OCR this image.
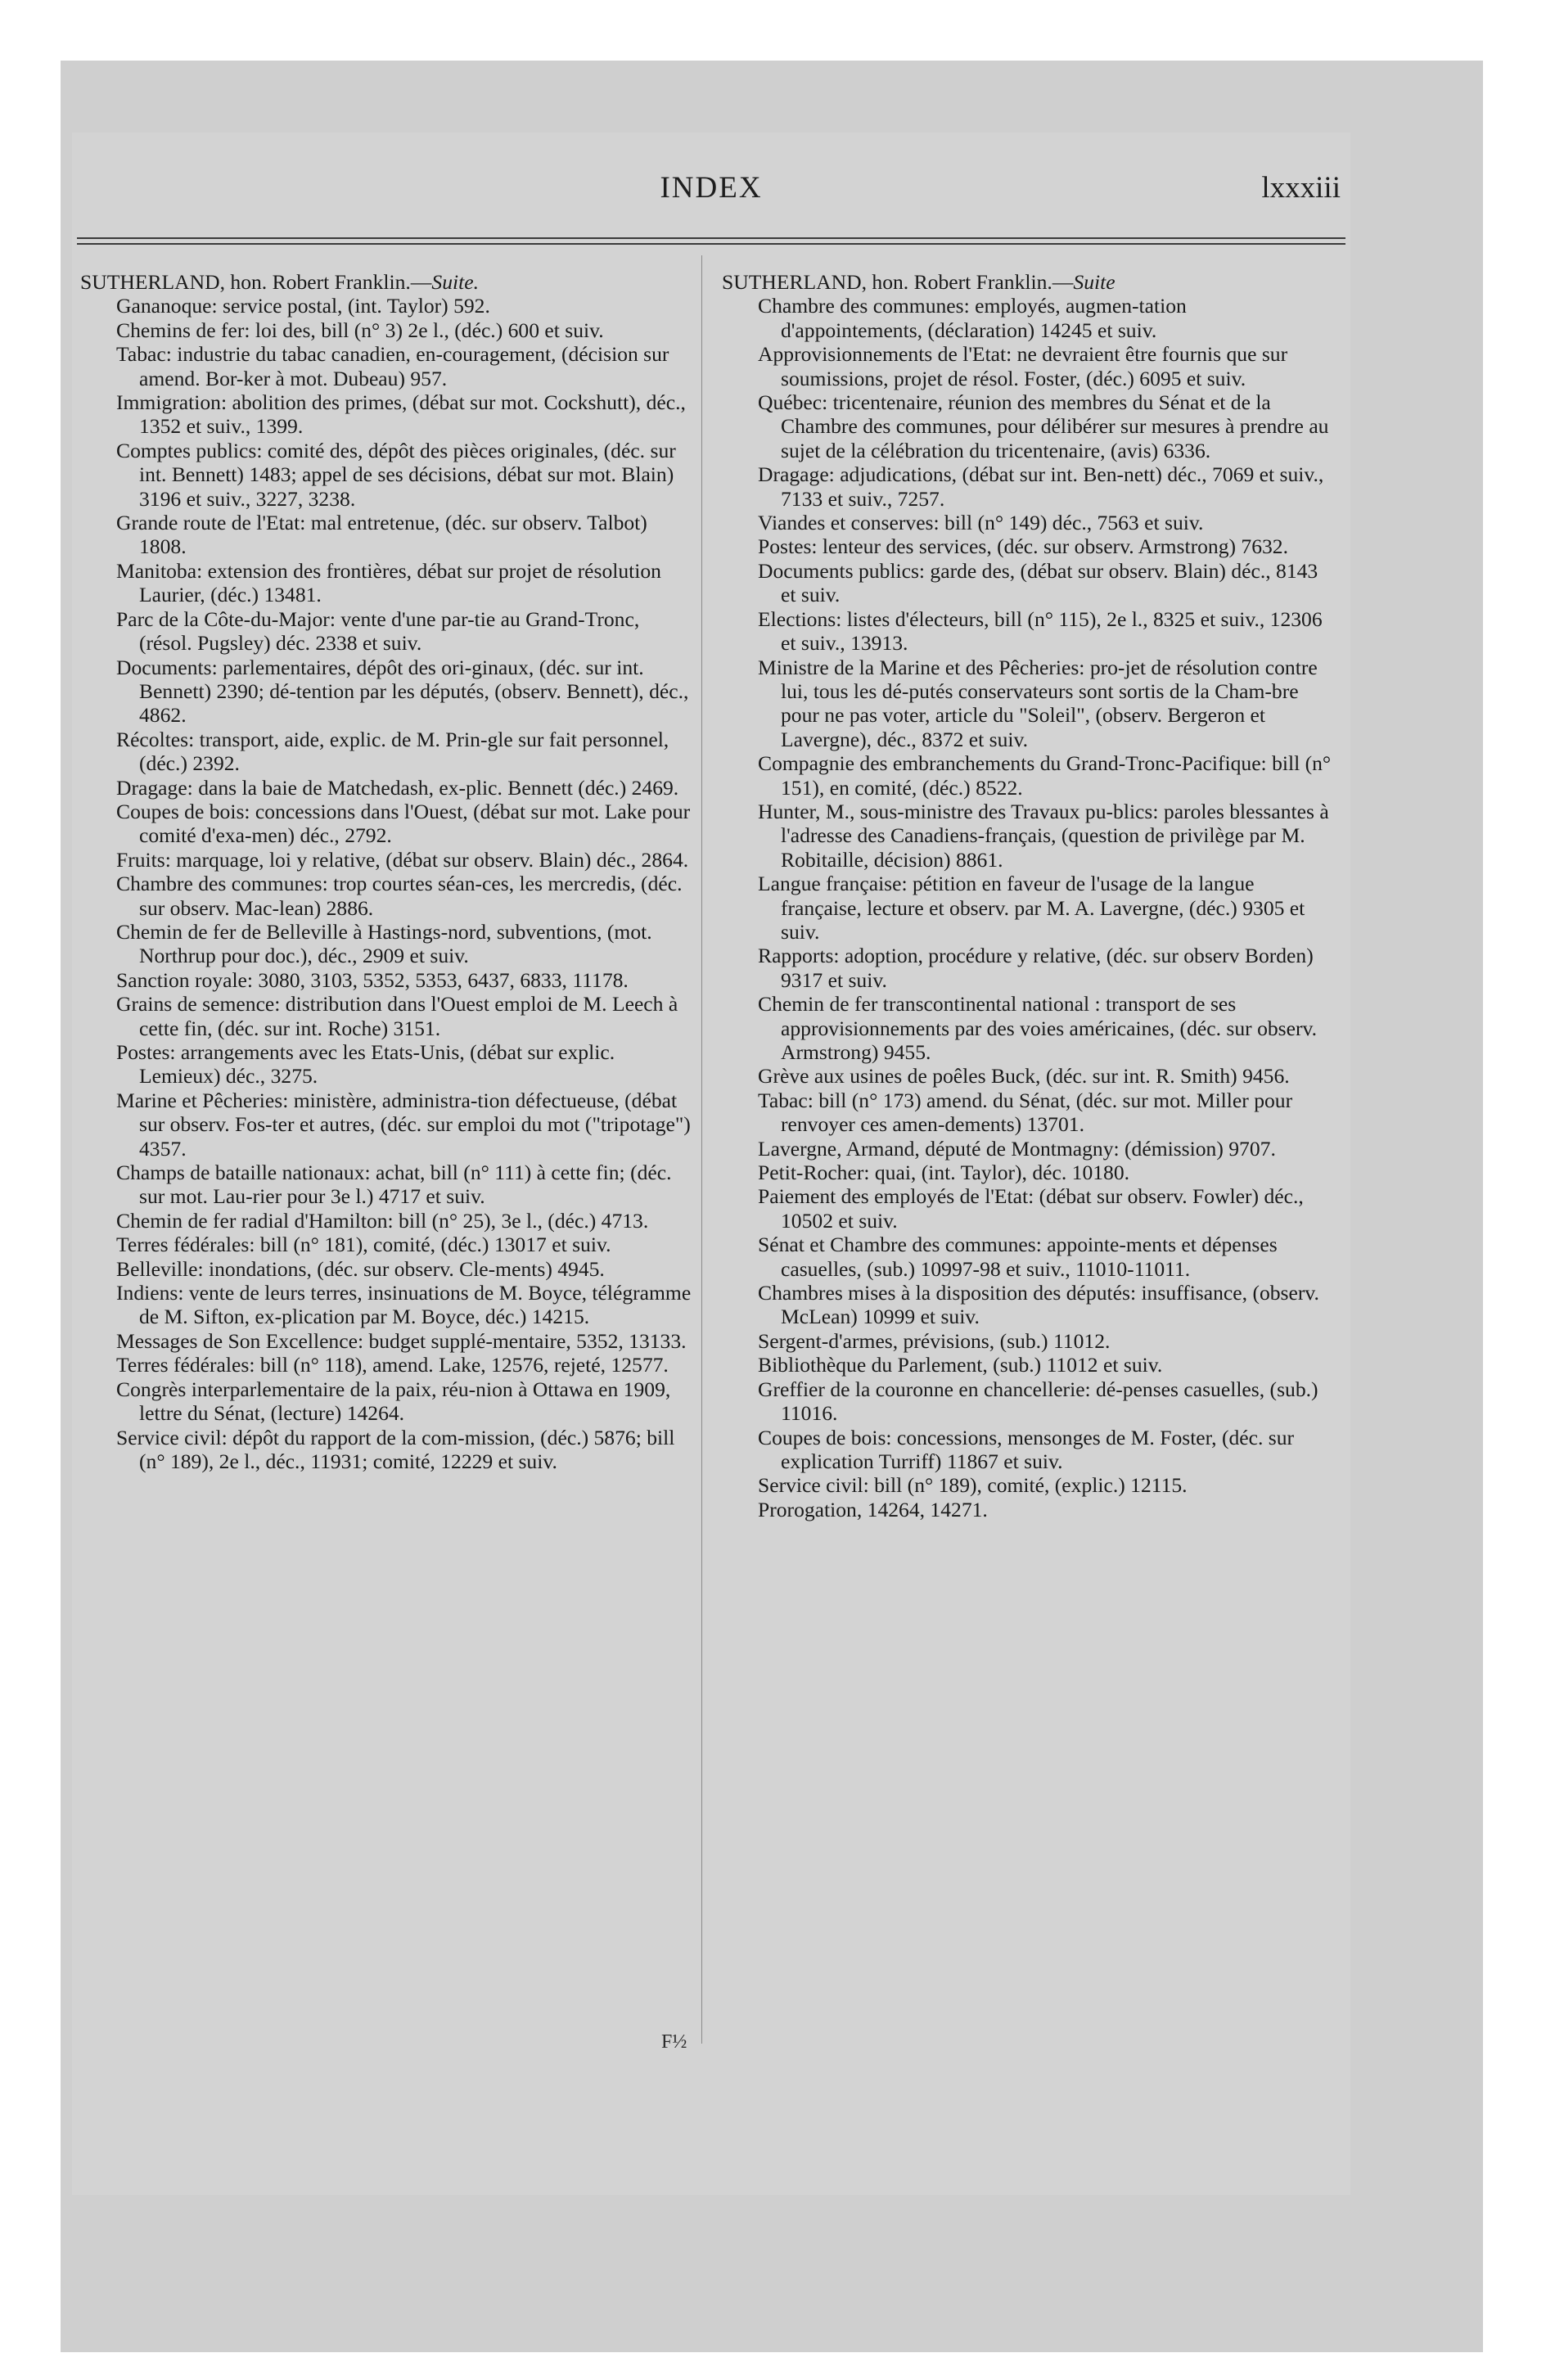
INDEX	lxxxiii
SUTHERLAND, hon. Robert Franklin.—Suite.
Gananoque: service postal, (int. Taylor) 592.
Chemins de fer: loi des, bill (n° 3) 2e l., (déc.) 600 et suiv.
Tabac: industrie du tabac canadien, en-couragement, (décision sur amend. Bor-ker à mot. Dubeau) 957.
Immigration: abolition des primes, (débat sur mot. Cockshutt), déc., 1352 et suiv., 1399.
Comptes publics: comité des, dépôt des pièces originales, (déc. sur int. Bennett) 1483; appel de ses décisions, débat sur mot. Blain) 3196 et suiv., 3227, 3238.
Grande route de l'Etat: mal entretenue, (déc. sur observ. Talbot) 1808.
Manitoba: extension des frontières, débat sur projet de résolution Laurier, (déc.) 13481.
Parc de la Côte-du-Major: vente d'une par-tie au Grand-Tronc, (résol. Pugsley) déc. 2338 et suiv.
Documents: parlementaires, dépôt des ori-ginaux, (déc. sur int. Bennett) 2390; dé-tention par les députés, (observ. Bennett), déc., 4862.
Récoltes: transport, aide, explic. de M. Prin-gle sur fait personnel, (déc.) 2392.
Dragage: dans la baie de Matchedash, ex-plic. Bennett (déc.) 2469.
Coupes de bois: concessions dans l'Ouest, (débat sur mot. Lake pour comité d'exa-men) déc., 2792.
Fruits: marquage, loi y relative, (débat sur observ. Blain) déc., 2864.
Chambre des communes: trop courtes séan-ces, les mercredis, (déc. sur observ. Mac-lean) 2886.
Chemin de fer de Belleville à Hastings-nord, subventions, (mot. Northrup pour doc.), déc., 2909 et suiv.
Sanction royale: 3080, 3103, 5352, 5353, 6437, 6833, 11178.
Grains de semence: distribution dans l'Ouest emploi de M. Leech à cette fin, (déc. sur int. Roche) 3151.
Postes: arrangements avec les Etats-Unis, (débat sur explic. Lemieux) déc., 3275.
Marine et Pêcheries: ministère, administra-tion défectueuse, (débat sur observ. Fos-ter et autres, (déc. sur emploi du mot ("tripotage") 4357.
Champs de bataille nationaux: achat, bill (n° 111) à cette fin; (déc. sur mot. Lau-rier pour 3e l.) 4717 et suiv.
Chemin de fer radial d'Hamilton: bill (n° 25), 3e l., (déc.) 4713.
Terres fédérales: bill (n° 181), comité, (déc.) 13017 et suiv.
Belleville: inondations, (déc. sur observ. Cle-ments) 4945.
Indiens: vente de leurs terres, insinuations de M. Boyce, télégramme de M. Sifton, ex-plication par M. Boyce, déc.) 14215.
Messages de Son Excellence: budget supplé-mentaire, 5352, 13133.
Terres fédérales: bill (n° 118), amend. Lake, 12576, rejeté, 12577.
Congrès interparlementaire de la paix, réu-nion à Ottawa en 1909, lettre du Sénat, (lecture) 14264.
Service civil: dépôt du rapport de la com-mission, (déc.) 5876; bill (n° 189), 2e l., déc., 11931; comité, 12229 et suiv.
SUTHERLAND, hon. Robert Franklin.—Suite
Chambre des communes: employés, augmen-tation d'appointements, (déclaration) 14245 et suiv.
Approvisionnements de l'Etat: ne devraient être fournis que sur soumissions, projet de résol. Foster, (déc.) 6095 et suiv.
Québec: tricentenaire, réunion des membres du Sénat et de la Chambre des communes, pour délibérer sur mesures à prendre au sujet de la célébration du tricentenaire, (avis) 6336.
Dragage: adjudications, (débat sur int. Ben-nett) déc., 7069 et suiv., 7133 et suiv., 7257.
Viandes et conserves: bill (n° 149) déc., 7563 et suiv.
Postes: lenteur des services, (déc. sur observ. Armstrong) 7632.
Documents publics: garde des, (débat sur observ. Blain) déc., 8143 et suiv.
Elections: listes d'électeurs, bill (n° 115), 2e l., 8325 et suiv., 12306 et suiv., 13913.
Ministre de la Marine et des Pêcheries: pro-jet de résolution contre lui, tous les dé-putés conservateurs sont sortis de la Cham-bre pour ne pas voter, article du "Soleil", (observ. Bergeron et Lavergne), déc., 8372 et suiv.
Compagnie des embranchements du Grand-Tronc-Pacifique: bill (n° 151), en comité, (déc.) 8522.
Hunter, M., sous-ministre des Travaux pu-blics: paroles blessantes à l'adresse des Canadiens-français, (question de privilège par M. Robitaille, décision) 8861.
Langue française: pétition en faveur de l'usage de la langue française, lecture et observ. par M. A. Lavergne, (déc.) 9305 et suiv.
Rapports: adoption, procédure y relative, (déc. sur observ Borden) 9317 et suiv.
Chemin de fer transcontinental national : transport de ses approvisionnements par des voies américaines, (déc. sur observ. Armstrong) 9455.
Grève aux usines de poêles Buck, (déc. sur int. R. Smith) 9456.
Tabac: bill (n° 173) amend. du Sénat, (déc. sur mot. Miller pour renvoyer ces amen-dements) 13701.
Lavergne, Armand, député de Montmagny: (démission) 9707.
Petit-Rocher: quai, (int. Taylor), déc. 10180.
Paiement des employés de l'Etat: (débat sur observ. Fowler) déc., 10502 et suiv.
Sénat et Chambre des communes: appointe-ments et dépenses casuelles, (sub.) 10997-98 et suiv., 11010-11011.
Chambres mises à la disposition des députés: insuffisance, (observ. McLean) 10999 et suiv.
Sergent-d'armes, prévisions, (sub.) 11012.
Bibliothèque du Parlement, (sub.) 11012 et suiv.
Greffier de la couronne en chancellerie: dé-penses casuelles, (sub.) 11016.
Coupes de bois: concessions, mensonges de M. Foster, (déc. sur explication Turriff) 11867 et suiv.
Service civil: bill (n° 189), comité, (explic.) 12115.
Prorogation, 14264, 14271.
F½
